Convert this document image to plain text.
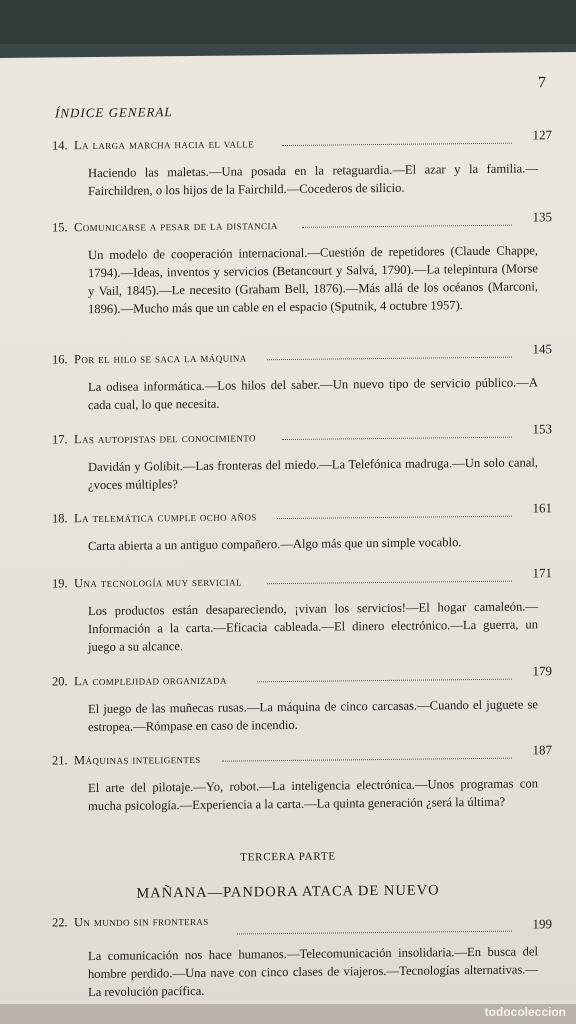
7
ÍNDICE GENERAL
14. La larga marcha hacia el valle
127
Haciendo las maletas.—Una posada en la retaguardia.—El azar y la familia.—Fairchildren, o los hijos de la Fairchild.—Cocederos de silicio.
15. Comunicarse a pesar de la distancia
135
Un modelo de cooperación internacional.—Cuestión de repetidores (Claude Chappe, 1794).—Ideas, inventos y servicios (Betancourt y Salvá, 1790).—La telepintura (Morse y Vail, 1845).—Le necesito (Graham Bell, 1876).—Más allá de los océanos (Marconi, 1896).—Mucho más que un cable en el espacio (Sputnik, 4 octubre 1957).
16. Por el hilo se saca la máquina
145
La odisea informática.—Los hilos del saber.—Un nuevo tipo de servicio público.—A cada cual, lo que necesita.
17. Las autopistas del conocimiento
153
Davidán y Golibit.—Las fronteras del miedo.—La Telefónica madruga.—Un solo canal, ¿voces múltiples?
18. La telemática cumple ocho años
161
Carta abierta a un antiguo compañero.—Algo más que un simple vocablo.
19. Una tecnología muy servicial
171
Los productos están desapareciendo, ¡vivan los servicios!—El hogar camaleón.—Información a la carta.—Eficacia cableada.—El dinero electrónico.—La guerra, un juego a su alcance.
20. La complejidad organizada
179
El juego de las muñecas rusas.—La máquina de cinco carcasas.—Cuando el juguete se estropea.—Rómpase en caso de incendio.
21. Máquinas inteligentes
187
El arte del pilotaje.—Yo, robot.—La inteligencia electrónica.—Unos programas con mucha psicología.—Experiencia a la carta.—La quinta generación ¿será la última?
TERCERA PARTE
MAÑANA—PANDORA ATACA DE NUEVO
22. Un mundo sin fronteras	199
La comunicación nos hace humanos.—Telecomunicación insolidaria.—En busca del hombre perdido.—Una nave con cinco clases de viajeros.—Tecnologías alternativas.—La revolución pacífica.
todocoleccion
